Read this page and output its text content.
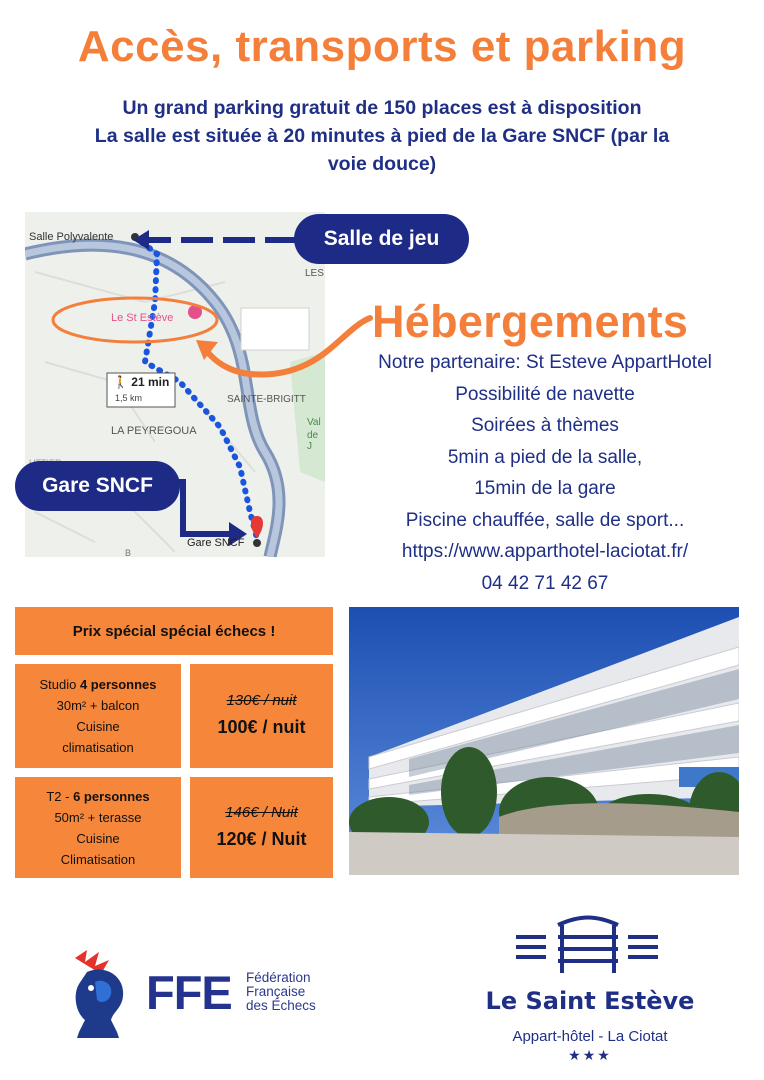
Accès, transports et parking
Un grand parking gratuit de 150 places est à disposition
La salle est située à 20 minutes à pied de la Gare SNCF (par la
voie douce)
Salle Polyvalente
Le St Estève
LES
🚶 21 min
1,5 km	SAINTE-BRIGITT
LA PEYREGOUA
Val
de J
B
Gare SNCF
Salle de jeu
Gare SNCF
Hébergements
Notre partenaire: St Esteve AppartHotel
Possibilité de navette
Soirées à thèmes
5min a pied de la salle,
15min de la gare
Piscine chauffée, salle de sport...
https://www.apparthotel-laciotat.fr/
04 42 71 42 67
Prix spécial spécial échecs !
Studio 4 personnes
30m² + balcon
Cuisine
climatisation
130€ / nuit
100€ / nuit
T2 - 6 personnes
50m² + terasse
Cuisine
Climatisation
146€ / Nuit
120€ / Nuit
FFE Fédération
Française
des Échecs	Le Saint Estève
Appart-hôtel - La Ciotat
★★★
